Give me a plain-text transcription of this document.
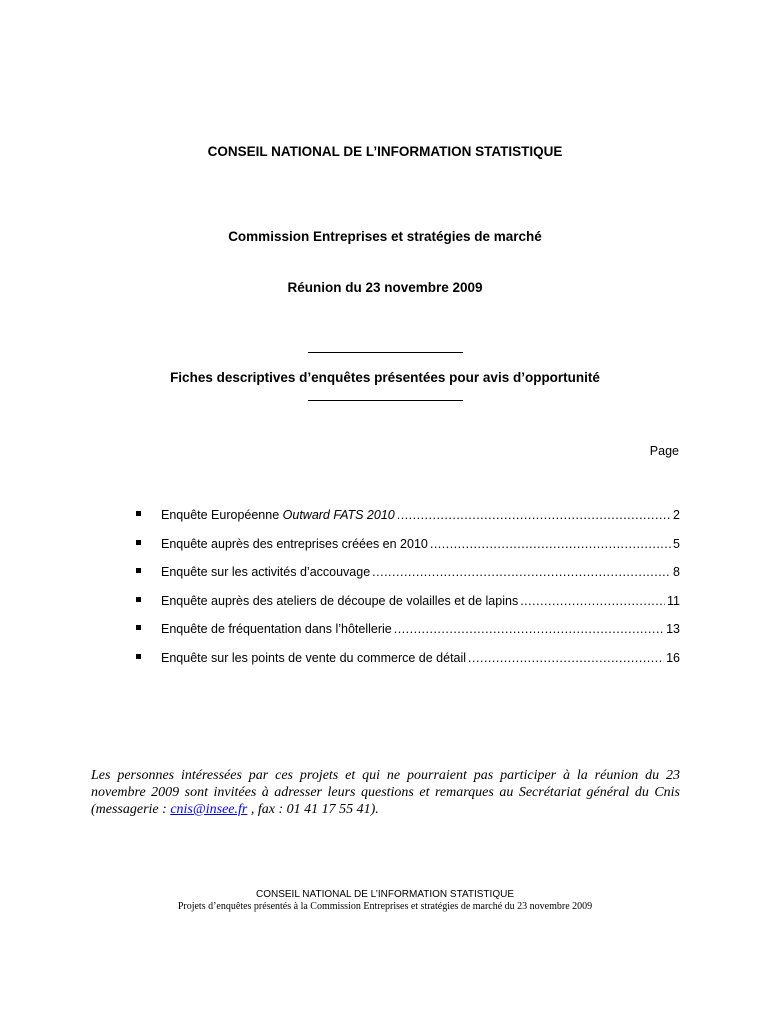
CONSEIL NATIONAL DE L’INFORMATION STATISTIQUE
Commission Entreprises et stratégies de marché
Réunion du 23 novembre 2009
Fiches descriptives d’enquêtes présentées pour avis d’opportunité
Page
Enquête Européenne Outward FATS 2010 .....	2
Enquête auprès des entreprises créées en 2010 .....	5
Enquête sur les activités d’accouvage .....	8
Enquête auprès des ateliers de découpe de volailles et de lapins .....	11
Enquête de fréquentation dans l’hôtellerie .....	13
Enquête sur les points de vente du commerce de détail .....	16
Les personnes intéressées par ces projets et qui ne pourraient pas participer à la réunion du 23 novembre 2009 sont invitées à adresser leurs questions et remarques au Secrétariat général du Cnis (messagerie : cnis@insee.fr , fax : 01 41 17 55 41).
CONSEIL NATIONAL DE L’INFORMATION STATISTIQUE
Projets d’enquêtes présentés à la Commission Entreprises et stratégies de marché du 23 novembre 2009
